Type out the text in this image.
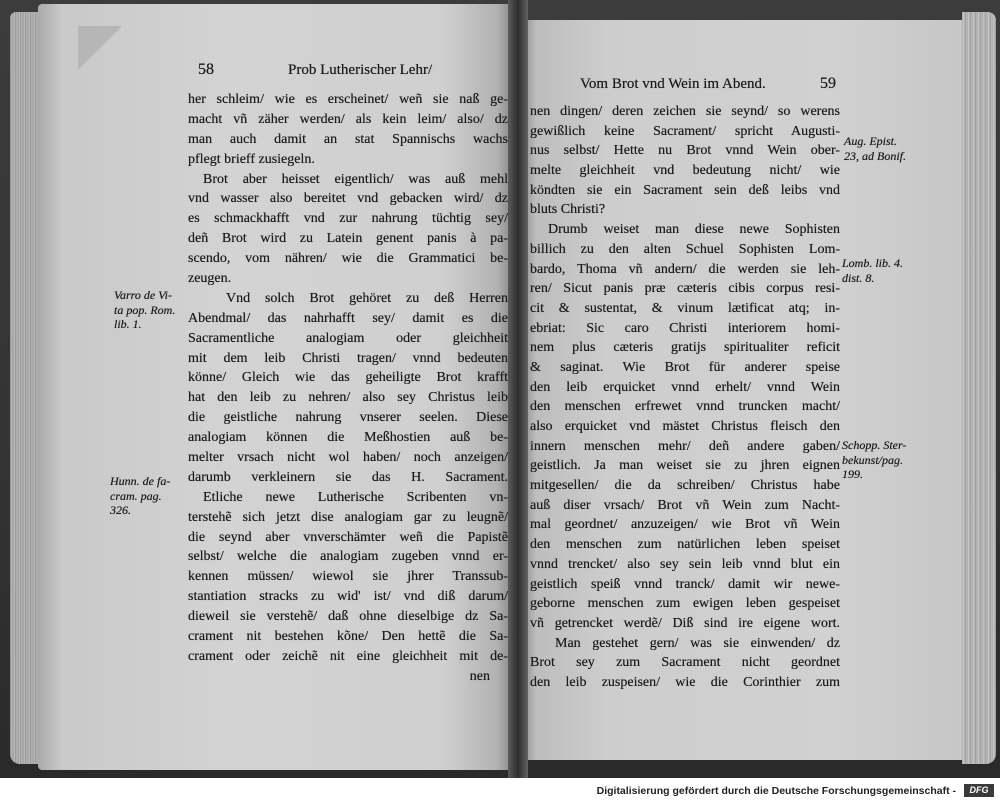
58	Prob Lutherischer Lehr/
her schleim/ wie es erscheinet/ weñ sie naß ge-
macht vñ zäher werden/ als kein leim/ also/ dz
man auch damit an stat Spannischs wachs
pflegt brieff zusiegeln.
Brot aber heisset eigentlich/ was auß mehl
vnd wasser also bereitet vnd gebacken wird/ dz
es schmackhafft vnd zur nahrung tüchtig sey/
deñ Brot wird zu Latein genent panis à pa-
scendo, vom nähren/ wie die Grammatici be-
zeugen.
Vnd solch Brot gehöret zu deß Herren
Abendmal/ das nahrhafft sey/ damit es die
Sacramentliche analogiam oder gleichheit
mit dem leib Christi tragen/ vnnd bedeuten
könne/ Gleich wie das geheiligte Brot krafft
hat den leib zu nehren/ also sey Christus leib
die geistliche nahrung vnserer seelen. Diese
analogiam können die Meßhostien auß be-
melter vrsach nicht wol haben/ noch anzeigen/
darumb verkleinern sie das H. Sacrament.
Etliche newe Lutherische Scribenten vn-
terstehẽ sich jetzt dise analogiam gar zu leugnẽ/
die seynd aber vnverschämter weñ die Papistẽ
selbst/ welche die analogiam zugeben vnnd er-
kennen müssen/ wiewol sie jhrer Transsub-
stantiation stracks zu wid' ist/ vnd diß darum/
dieweil sie verstehẽ/ daß ohne dieselbige dz Sa-
crament nit bestehen kõne/ Den hettẽ die Sa-
crament oder zeichẽ nit eine gleichheit mit de-
nen
Varro de Vi-
ta pop. Rom.
lib. 1.
Hunn. de fa-
cram. pag.
326.
Vom Brot vnd Wein im Abend.	59
nen dingen/ deren zeichen sie seynd/ so werens
gewißlich keine Sacrament/ spricht Augusti-
nus selbst/ Hette nu Brot vnnd Wein ober-
melte gleichheit vnd bedeutung nicht/ wie
köndten sie ein Sacrament sein deß leibs vnd
bluts Christi?
Drumb weiset man diese newe Sophisten
billich zu den alten Schuel Sophisten Lom-
bardo, Thoma vñ andern/ die werden sie leh-
ren/ Sicut panis præ cæteris cibis corpus resi-
cit & sustentat, & vinum lætificat atq; in-
ebriat: Sic caro Christi interiorem homi-
nem plus cæteris gratijs spiritualiter reficit
& saginat. Wie Brot für anderer speise
den leib erquicket vnnd erhelt/ vnnd Wein
den menschen erfrewet vnnd truncken macht/
also erquicket vnd mästet Christus fleisch den
innern menschen mehr/ deñ andere gaben/
geistlich. Ja man weiset sie zu jhren eignen
mitgesellen/ die da schreiben/ Christus habe
auß diser vrsach/ Brot vñ Wein zum Nacht-
mal geordnet/ anzuzeigen/ wie Brot vñ Wein
den menschen zum natürlichen leben speiset
vnnd trencket/ also sey sein leib vnnd blut ein
geistlich speiß vnnd tranck/ damit wir newe-
geborne menschen zum ewigen leben gespeiset
vñ getrencket werdẽ/ Diß sind ire eigene wort.
Man gestehet gern/ was sie einwenden/ dz
Brot sey zum Sacrament nicht geordnet
den leib zuspeisen/ wie die Corinthier zum
Aug. Epist.
23, ad Bonif.
Lomb. lib. 4.
dist. 8.
Schopp. Ster-
bekunst/pag.
199.
Digitalisierung gefördert durch die Deutsche Forschungsgemeinschaft -	DFG
